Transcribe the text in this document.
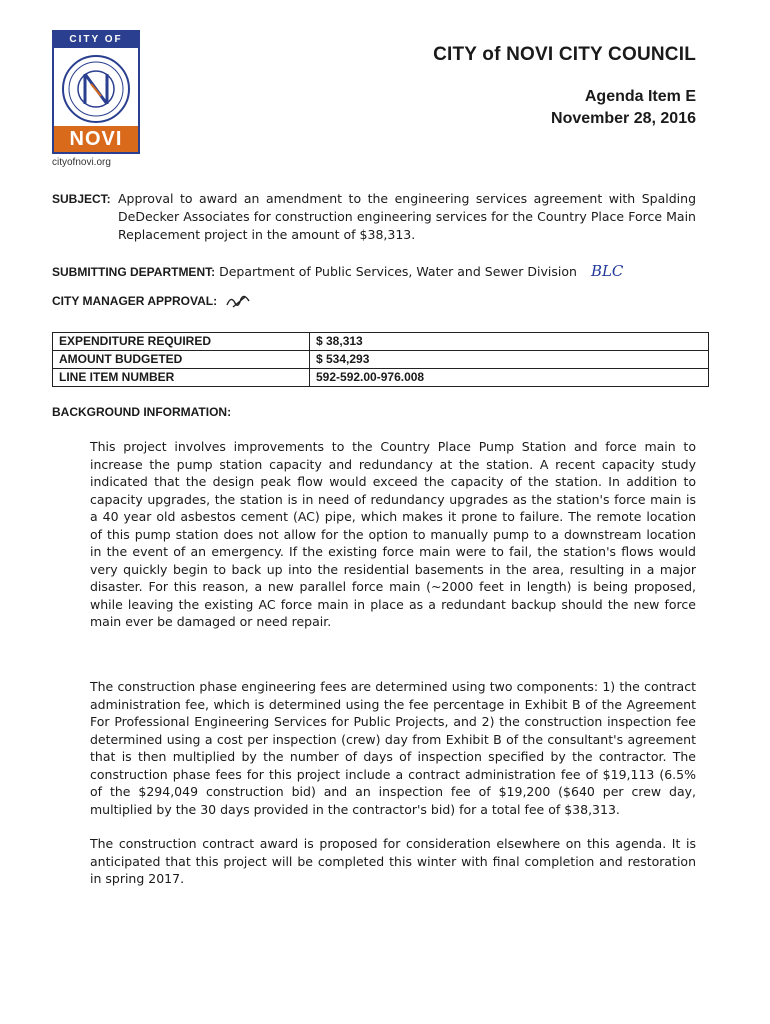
CITY OF
NOVI
cityofnovi.org
CITY of NOVI CITY COUNCIL
Agenda Item E
November 28, 2016
SUBJECT: Approval to award an amendment to the engineering services agreement with Spalding DeDecker Associates for construction engineering services for the Country Place Force Main Replacement project in the amount of $38,313.
SUBMITTING DEPARTMENT: Department of Public Services, Water and Sewer Division BLC
CITY MANAGER APPROVAL:
EXPENDITURE REQUIRED	$ 38,313
AMOUNT BUDGETED	$ 534,293
LINE ITEM NUMBER	592-592.00-976.008
BACKGROUND INFORMATION:
This project involves improvements to the Country Place Pump Station and force main to increase the pump station capacity and redundancy at the station. A recent capacity study indicated that the design peak flow would exceed the capacity of the station. In addition to capacity upgrades, the station is in need of redundancy upgrades as the station's force main is a 40 year old asbestos cement (AC) pipe, which makes it prone to failure. The remote location of this pump station does not allow for the option to manually pump to a downstream location in the event of an emergency. If the existing force main were to fail, the station's flows would very quickly begin to back up into the residential basements in the area, resulting in a major disaster. For this reason, a new parallel force main (~2000 feet in length) is being proposed, while leaving the existing AC force main in place as a redundant backup should the new force main ever be damaged or need repair.
The construction phase engineering fees are determined using two components: 1) the contract administration fee, which is determined using the fee percentage in Exhibit B of the Agreement For Professional Engineering Services for Public Projects, and 2) the construction inspection fee determined using a cost per inspection (crew) day from Exhibit B of the consultant's agreement that is then multiplied by the number of days of inspection specified by the contractor. The construction phase fees for this project include a contract administration fee of $19,113 (6.5% of the $294,049 construction bid) and an inspection fee of $19,200 ($640 per crew day, multiplied by the 30 days provided in the contractor's bid) for a total fee of $38,313.
The construction contract award is proposed for consideration elsewhere on this agenda. It is anticipated that this project will be completed this winter with final completion and restoration in spring 2017.
